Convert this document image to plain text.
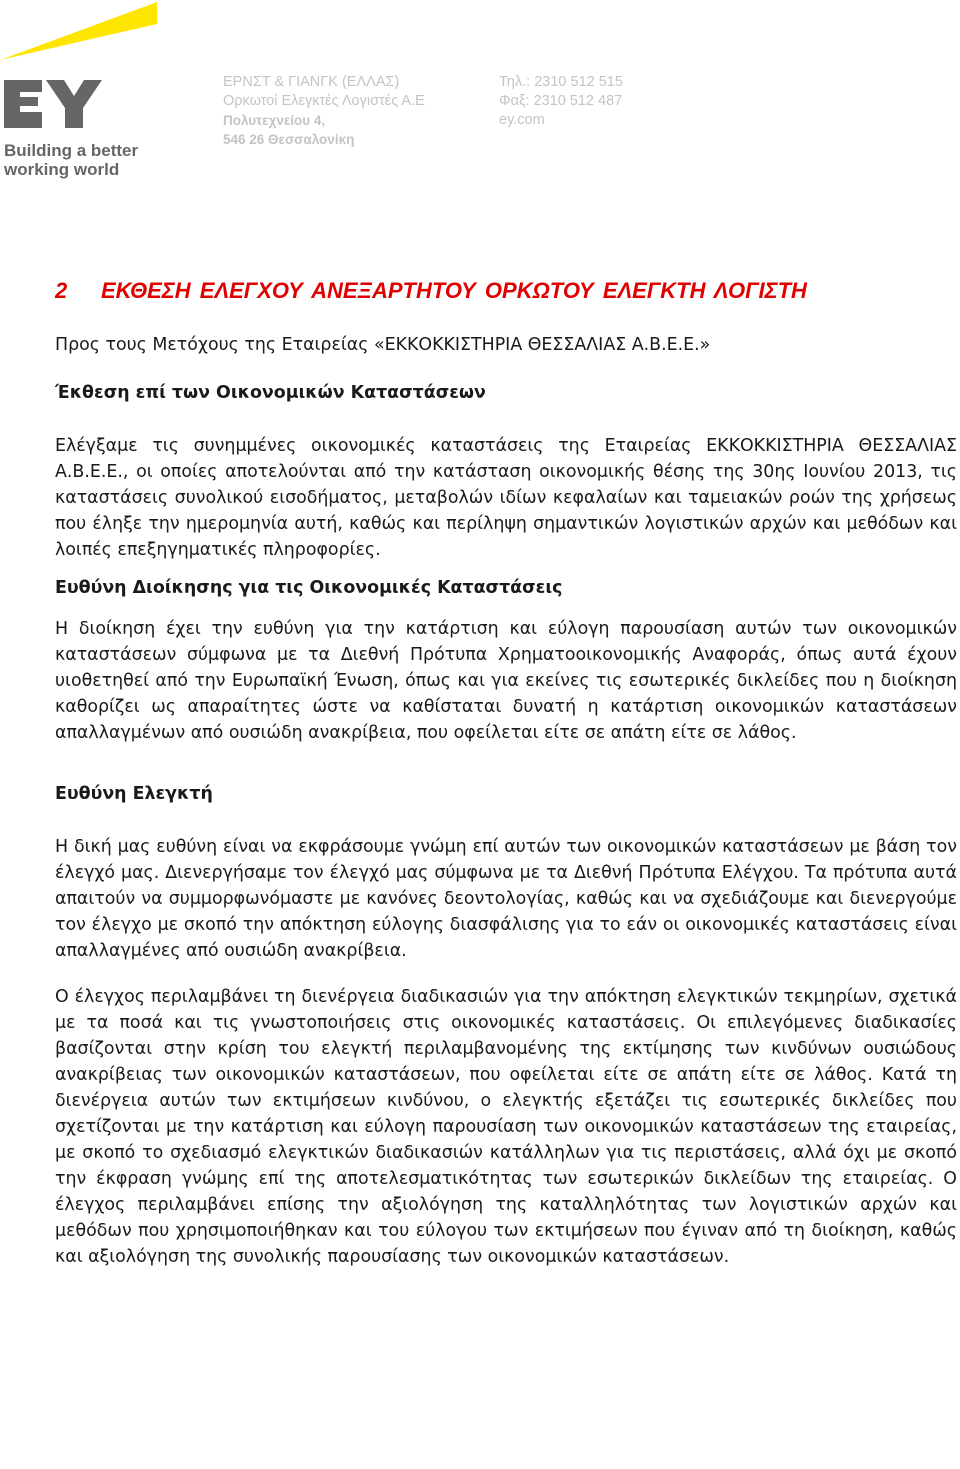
Building a better
working world
ΕΡΝΣΤ & ΓΙΑΝΓΚ (ΕΛΛΑΣ)
Ορκωτοί Ελεγκτές Λογιστές Α.Ε
Πολυτεχνείου 4,
546 26 Θεσσαλονίκη
Τηλ.: 2310 512 515
Φαξ: 2310 512 487
ey.com
2 ΕΚΘΕΣΗ ΕΛΕΓΧΟΥ ΑΝΕΞΑΡΤΗΤΟΥ ΟΡΚΩΤΟΥ ΕΛΕΓΚΤΗ ΛΟΓΙΣΤΗ

Προς τους Μετόχους της Εταιρείας «ΕΚΚΟΚΚΙΣΤΗΡΙΑ ΘΕΣΣΑΛΙΑΣ Α.Β.Ε.Ε.»

Έκθεση επί των Οικονομικών Καταστάσεων

Ελέγξαμε τις συνημμένες οικονομικές καταστάσεις της Εταιρείας ΕΚΚΟΚΚΙΣΤΗΡΙΑ ΘΕΣΣΑΛΙΑΣ Α.Β.Ε.Ε., οι οποίες αποτελούνται από την κατάσταση οικονομικής θέσης της 30ης Ιουνίου 2013, τις καταστάσεις συνολικού εισοδήματος, μεταβολών ιδίων κεφαλαίων και ταμειακών ροών της χρήσεως που έληξε την ημερομηνία αυτή, καθώς και περίληψη σημαντικών λογιστικών αρχών και μεθόδων και λοιπές επεξηγηματικές πληροφορίες.

Ευθύνη Διοίκησης για τις Οικονομικές Καταστάσεις

Η διοίκηση έχει την ευθύνη για την κατάρτιση και εύλογη παρουσίαση αυτών των οικονομικών καταστάσεων σύμφωνα με τα Διεθνή Πρότυπα Χρηματοοικονομικής Αναφοράς, όπως αυτά έχουν υιοθετηθεί από την Ευρωπαϊκή Ένωση, όπως και για εκείνες τις εσωτερικές δικλείδες που η διοίκηση καθορίζει ως απαραίτητες ώστε να καθίσταται δυνατή η κατάρτιση οικονομικών καταστάσεων απαλλαγμένων από ουσιώδη ανακρίβεια, που οφείλεται είτε σε απάτη είτε σε λάθος.

Ευθύνη Ελεγκτή

Η δική μας ευθύνη είναι να εκφράσουμε γνώμη επί αυτών των οικονομικών καταστάσεων με βάση τον έλεγχό μας. Διενεργήσαμε τον έλεγχό μας σύμφωνα με τα Διεθνή Πρότυπα Ελέγχου. Τα πρότυπα αυτά απαιτούν να συμμορφωνόμαστε με κανόνες δεοντολογίας, καθώς και να σχεδιάζουμε και διενεργούμε τον έλεγχο με σκοπό την απόκτηση εύλογης διασφάλισης για το εάν οι οικονομικές καταστάσεις είναι απαλλαγμένες από ουσιώδη ανακρίβεια.

Ο έλεγχος περιλαμβάνει τη διενέργεια διαδικασιών για την απόκτηση ελεγκτικών τεκμηρίων, σχετικά με τα ποσά και τις γνωστοποιήσεις στις οικονομικές καταστάσεις. Οι επιλεγόμενες διαδικασίες βασίζονται στην κρίση του ελεγκτή περιλαμβανομένης της εκτίμησης των κινδύνων ουσιώδους ανακρίβειας των οικονομικών καταστάσεων, που οφείλεται είτε σε απάτη είτε σε λάθος. Κατά τη διενέργεια αυτών των εκτιμήσεων κινδύνου, ο ελεγκτής εξετάζει τις εσωτερικές δικλείδες που σχετίζονται με την κατάρτιση και εύλογη παρουσίαση των οικονομικών καταστάσεων της εταιρείας, με σκοπό το σχεδιασμό ελεγκτικών διαδικασιών κατάλληλων για τις περιστάσεις, αλλά όχι με σκοπό την έκφραση γνώμης επί της αποτελεσματικότητας των εσωτερικών δικλείδων της εταιρείας. Ο έλεγχος περιλαμβάνει επίσης την αξιολόγηση της καταλληλότητας των λογιστικών αρχών και μεθόδων που χρησιμοποιήθηκαν και του εύλογου των εκτιμήσεων που έγιναν από τη διοίκηση, καθώς και αξιολόγηση της συνολικής παρουσίασης των οικονομικών καταστάσεων.
